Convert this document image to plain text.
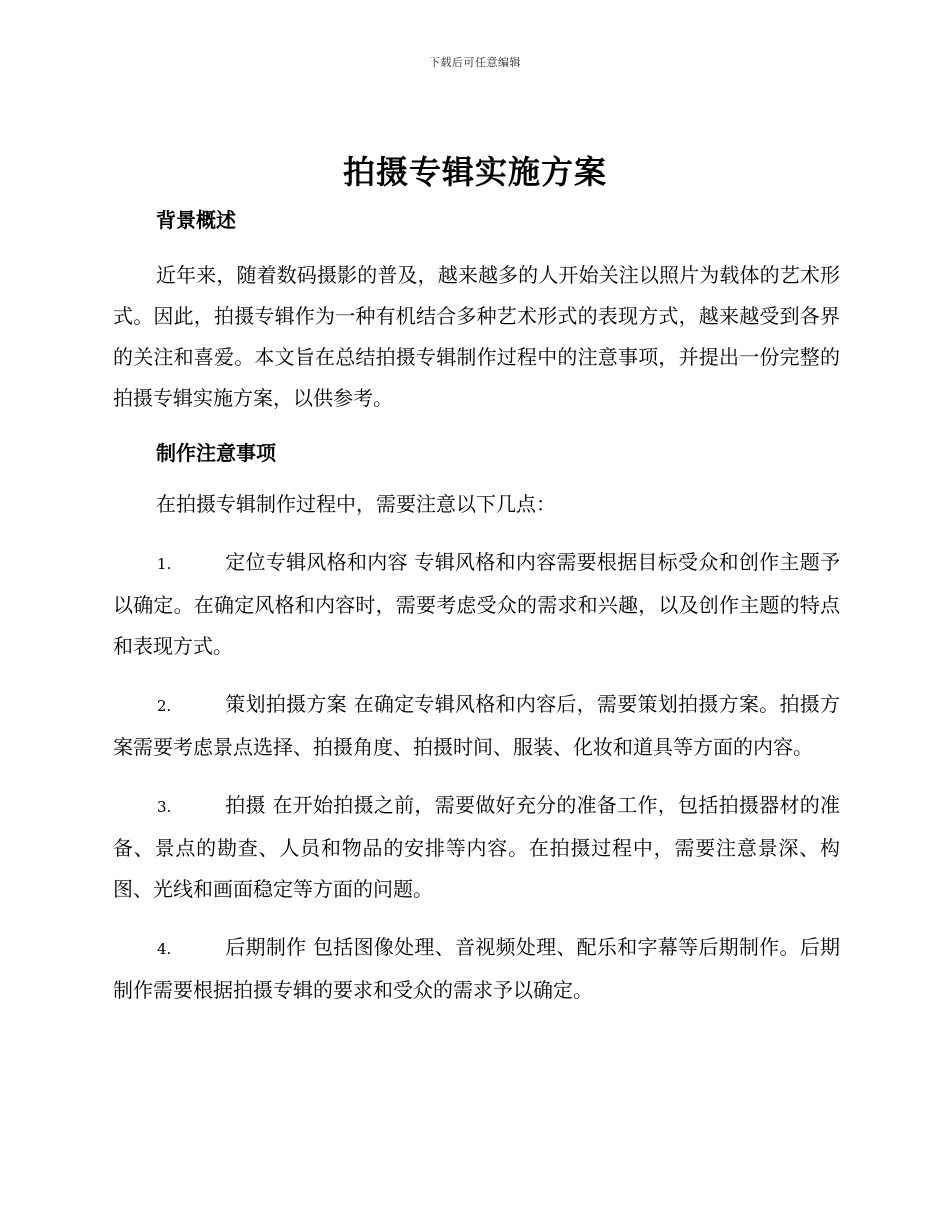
下载后可任意编辑
拍摄专辑实施方案
背景概述

近年来，随着数码摄影的普及，越来越多的人开始关注以照片为载体的艺术形式。因此，拍摄专辑作为一种有机结合多种艺术形式的表现方式，越来越受到各界的关注和喜爱。本文旨在总结拍摄专辑制作过程中的注意事项，并提出一份完整的拍摄专辑实施方案，以供参考。

制作注意事项

在拍摄专辑制作过程中，需要注意以下几点：

1.	定位专辑风格和内容 专辑风格和内容需要根据目标受众和创作主题予以确定。在确定风格和内容时，需要考虑受众的需求和兴趣，以及创作主题的特点和表现方式。

2.	策划拍摄方案 在确定专辑风格和内容后，需要策划拍摄方案。拍摄方案需要考虑景点选择、拍摄角度、拍摄时间、服装、化妆和道具等方面的内容。

3.	拍摄 在开始拍摄之前，需要做好充分的准备工作，包括拍摄器材的准备、景点的勘查、人员和物品的安排等内容。在拍摄过程中，需要注意景深、构图、光线和画面稳定等方面的问题。

4.	后期制作 包括图像处理、音视频处理、配乐和字幕等后期制作。后期制作需要根据拍摄专辑的要求和受众的需求予以确定。
